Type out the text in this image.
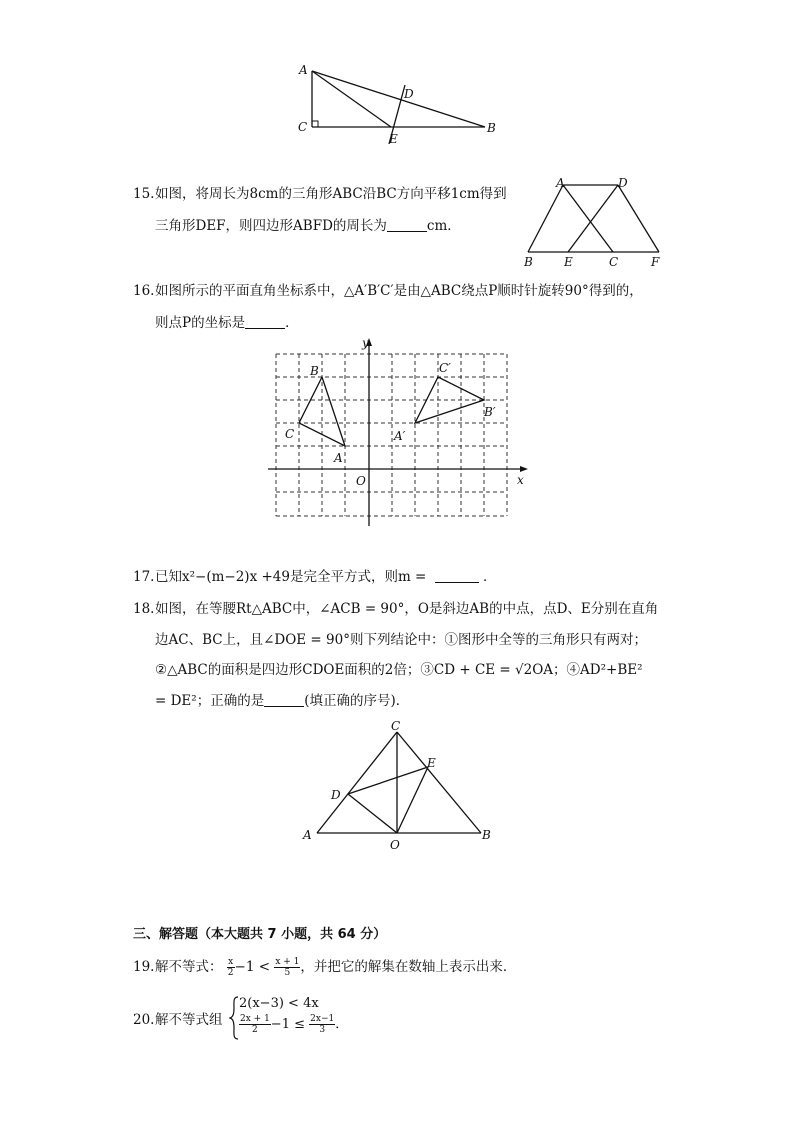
A
C	B
D
E
15.如图，将周长为8cm的三角形ABC沿BC方向平移1cm得到
三角形DEF，则四边形ABFD的周长为	cm．
A	D
B	E	C	F
16.如图所示的平面直角坐标系中，△A′B′C′是由△ABC绕点P顺时针旋转90°得到的，
则点P的坐标是	．
y
x
O
B
C
A
C′
B′
A′
17.已知x²−(m−2)x +49是完全平方式，则m =	．
18.如图，在等腰Rt△ABC中，∠ACB = 90°，O是斜边AB的中点，点D、E分别在直角
边AC、BC上，且∠DOE = 90°则下列结论中：①图形中全等的三角形只有两对；
②△ABC的面积是四边形CDOE面积的2倍；③CD + CE = √2OA；④AD²+BE²
= DE²；正确的是	(填正确的序号)．
C
E
D
A	B
O
三、解答题（本大题共 7 小题，共 64 分）
19.解不等式： $\frac{x}{2} -1 < \frac{x + 1}{5}$ ，并把它的解集在数轴上表示出来．
20.解不等式组
2(x−3) < 4x
$\frac{2x + 1}{2} -1 \le \frac{2x-1}{3}$ ．
